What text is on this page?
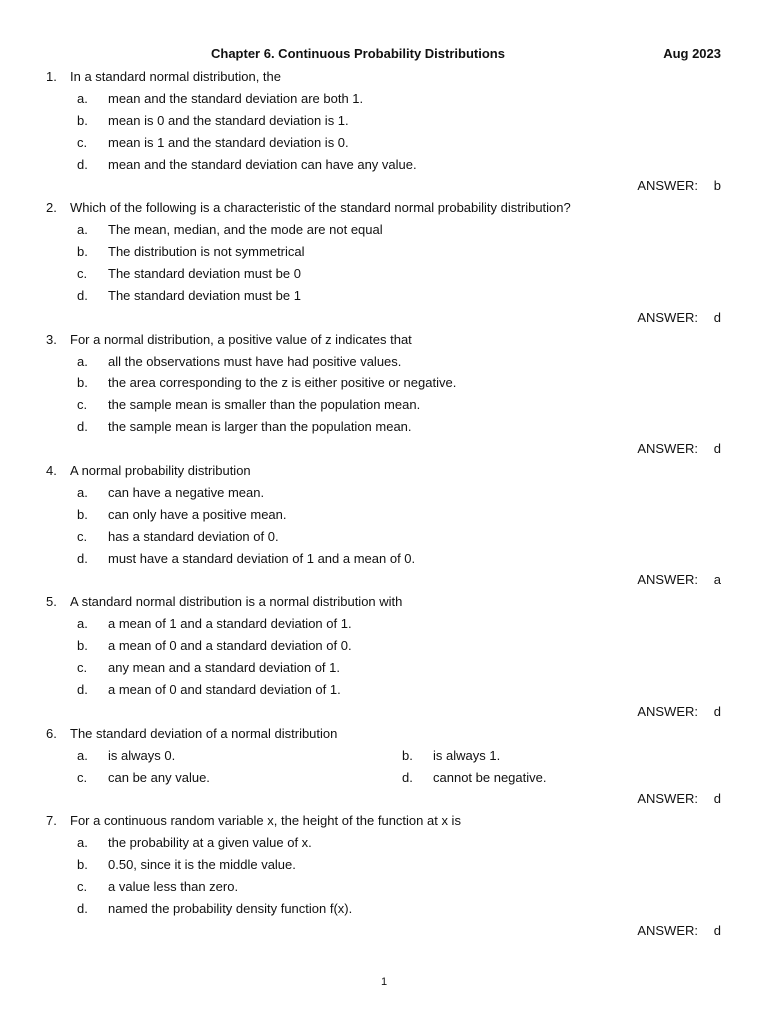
Chapter 6. Continuous Probability Distributions	Aug 2023
1. In a standard normal distribution, the
a. mean and the standard deviation are both 1.
b. mean is 0 and the standard deviation is 1.
c. mean is 1 and the standard deviation is 0.
d. mean and the standard deviation can have any value.
ANSWER: b
2. Which of the following is a characteristic of the standard normal probability distribution?
a. The mean, median, and the mode are not equal
b. The distribution is not symmetrical
c. The standard deviation must be 0
d. The standard deviation must be 1
ANSWER: d
3. For a normal distribution, a positive value of z indicates that
a. all the observations must have had positive values.
b. the area corresponding to the z is either positive or negative.
c. the sample mean is smaller than the population mean.
d. the sample mean is larger than the population mean.
ANSWER: d
4. A normal probability distribution
a. can have a negative mean.
b. can only have a positive mean.
c. has a standard deviation of 0.
d. must have a standard deviation of 1 and a mean of 0.
ANSWER: a
5. A standard normal distribution is a normal distribution with
a. a mean of 1 and a standard deviation of 1.
b. a mean of 0 and a standard deviation of 0.
c. any mean and a standard deviation of 1.
d. a mean of 0 and standard deviation of 1.
ANSWER: d
6. The standard deviation of a normal distribution
a. is always 0.	b. is always 1.
c. can be any value.	d. cannot be negative.
ANSWER: d
7. For a continuous random variable x, the height of the function at x is
a. the probability at a given value of x.
b. 0.50, since it is the middle value.
c. a value less than zero.
d. named the probability density function f(x).
ANSWER: d
1
